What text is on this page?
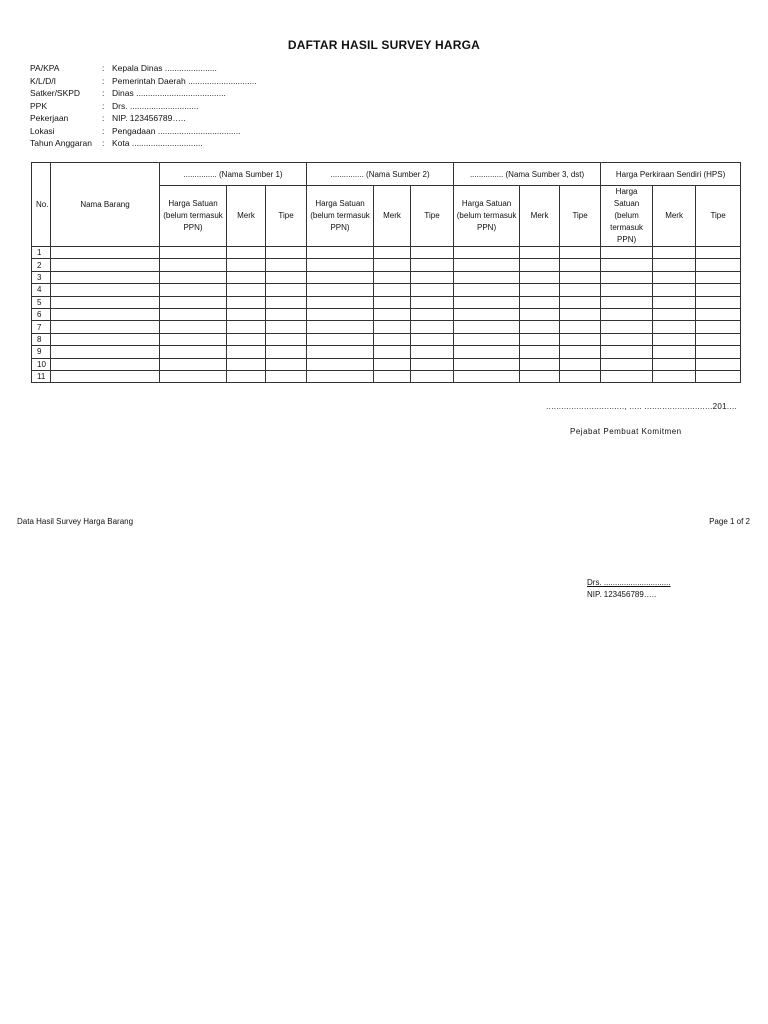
DAFTAR HASIL SURVEY HARGA
PA/KPA	: Kepala Dinas ......................
K/L/D/I	: Pemerintah Daerah .............................
Satker/SKPD	: Dinas ......................................
PPK	: Drs. .............................
Pekerjaan	: NIP. 123456789…..
Lokasi	: Pengadaan ...................................
Tahun Anggaran	: Kota ..............................
No.	Nama Barang	............... (Nama Sumber 1)			............... (Nama Sumber 2)			............... (Nama Sumber 3, dst)			Harga Perkiraan Sendiri (HPS)		
		Harga Satuan (belum termasuk PPN)	Merk	Tipe	Harga Satuan (belum termasuk PPN)	Merk	Tipe	Harga Satuan (belum termasuk PPN)	Merk	Tipe	Harga Satuan (belum termasuk PPN)	Merk	Tipe
1													
2													
3													
4													
5													
6													
7													
8													
9													
10													
11													
..............................., ..... ...........................201....
Pejabat Pembuat Komitmen
Data Hasil Survey Harga Barang	Page 1 of 2
Drs. ..............................
NIP. 123456789…..
